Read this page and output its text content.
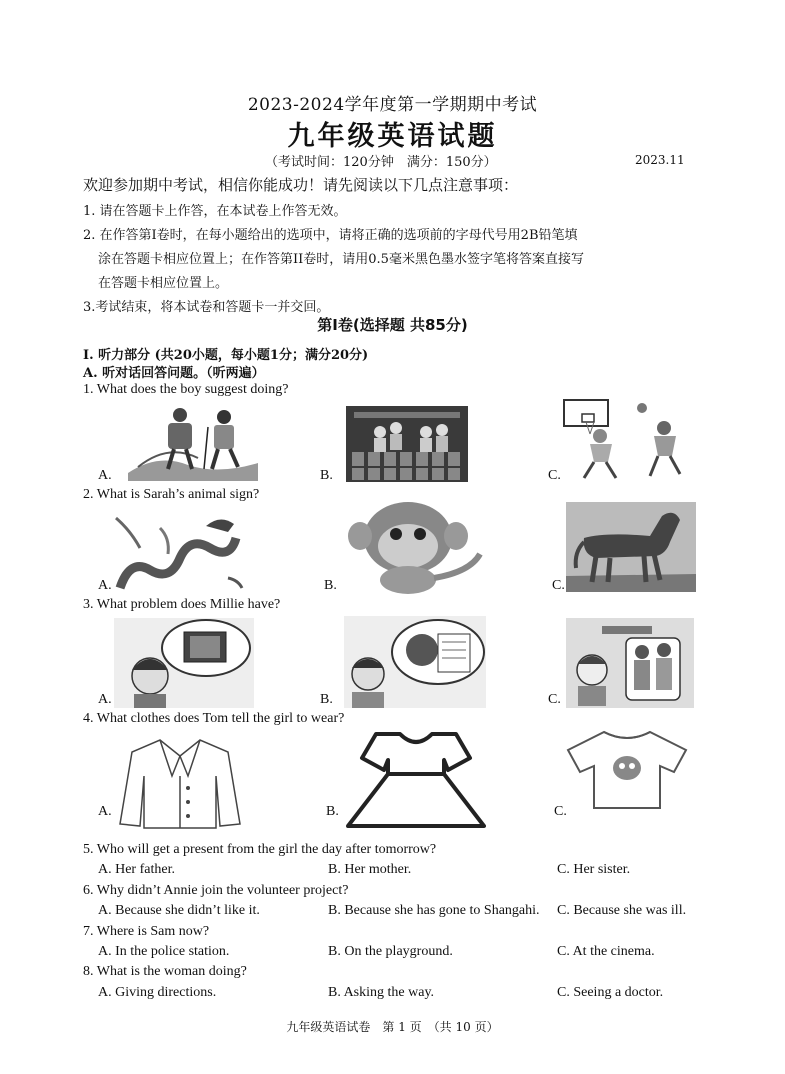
2023-2024学年度第一学期期中考试
九年级英语试题
（考试时间：120分钟　满分：150分）	2023.11
欢迎参加期中考试，相信你能成功！请先阅读以下几点注意事项：
1. 请在答题卡上作答，在本试卷上作答无效。
2. 在作答第I卷时，在每小题给出的选项中，请将正确的选项前的字母代号用2B铅笔填
涂在答题卡相应位置上；在作答第II卷时，请用0.5毫米黑色墨水签字笔将答案直接写
在答题卡相应位置上。
3.考试结束，将本试卷和答题卡一并交回。
第Ⅰ卷(选择题 共85分)
I. 听力部分 (共20小题，每小题1分；满分20分)
A. 听对话回答问题。（听两遍）
1. What does the boy suggest doing?
A.	B.	C.
2. What is Sarah’s animal sign?
A.	B.	C.
3. What problem does Millie have?
A.	B.	C.
4. What clothes does Tom tell the girl to wear?
A.	B.	C.
5. Who will get a present from the girl the day after tomorrow?
A. Her father.	B. Her mother.	C. Her sister.
6. Why didn’t Annie join the volunteer project?
A. Because she didn’t like it.	B. Because she has gone to Shangahi. C. Because she was ill.
7. Where is Sam now?
A. In the police station.	B. On the playground.	C. At the cinema.
8. What is the woman doing?
A. Giving directions.	B. Asking the way.	C. Seeing a doctor.
九年级英语试卷　第 1 页　（共 10 页）
